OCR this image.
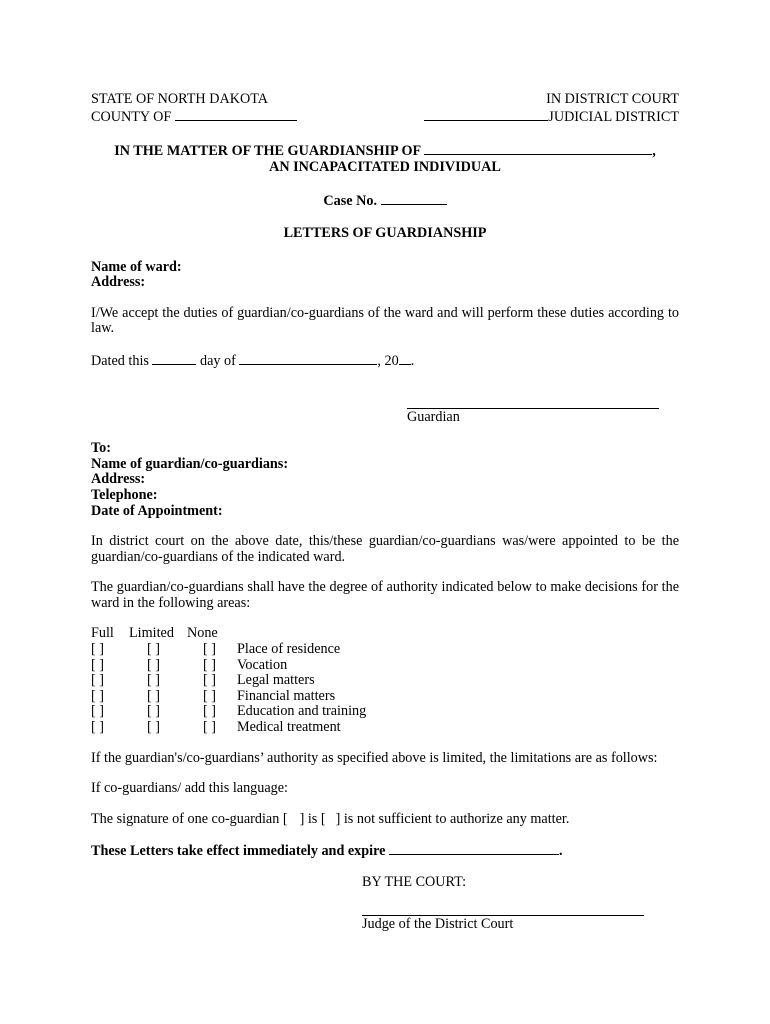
STATE OF NORTH DAKOTA	IN DISTRICT COURT
COUNTY OF	JUDICIAL DISTRICT
IN THE MATTER OF THE GUARDIANSHIP OF	,
AN INCAPACITATED INDIVIDUAL
Case No.
LETTERS OF GUARDIANSHIP
Name of ward:
Address:

I/We accept the duties of guardian/co-guardians of the ward and will perform these duties according to law.

Dated this	day of	, 20 .
Guardian
To:
Name of guardian/co-guardians:
Address:
Telephone:
Date of Appointment:

In district court on the above date, this/these guardian/co-guardians was/were appointed to be the guardian/co-guardians of the indicated ward.

The guardian/co-guardians shall have the degree of authority indicated below to make decisions for the ward in the following areas:

Full	Limited	None	
[ ]	[ ]	[ ]	Place of residence
[ ]	[ ]	[ ]	Vocation
[ ]	[ ]	[ ]	Legal matters
[ ]	[ ]	[ ]	Financial matters
[ ]	[ ]	[ ]	Education and training
[ ]	[ ]	[ ]	Medical treatment

If the guardian's/co-guardians’ authority as specified above is limited, the limitations are as follows:

If co-guardians/ add this language:

The signature of one co-guardian [ ] is [ ] is not sufficient to authorize any matter.

These Letters take effect immediately and expire	.

BY THE COURT:
Judge of the District Court
